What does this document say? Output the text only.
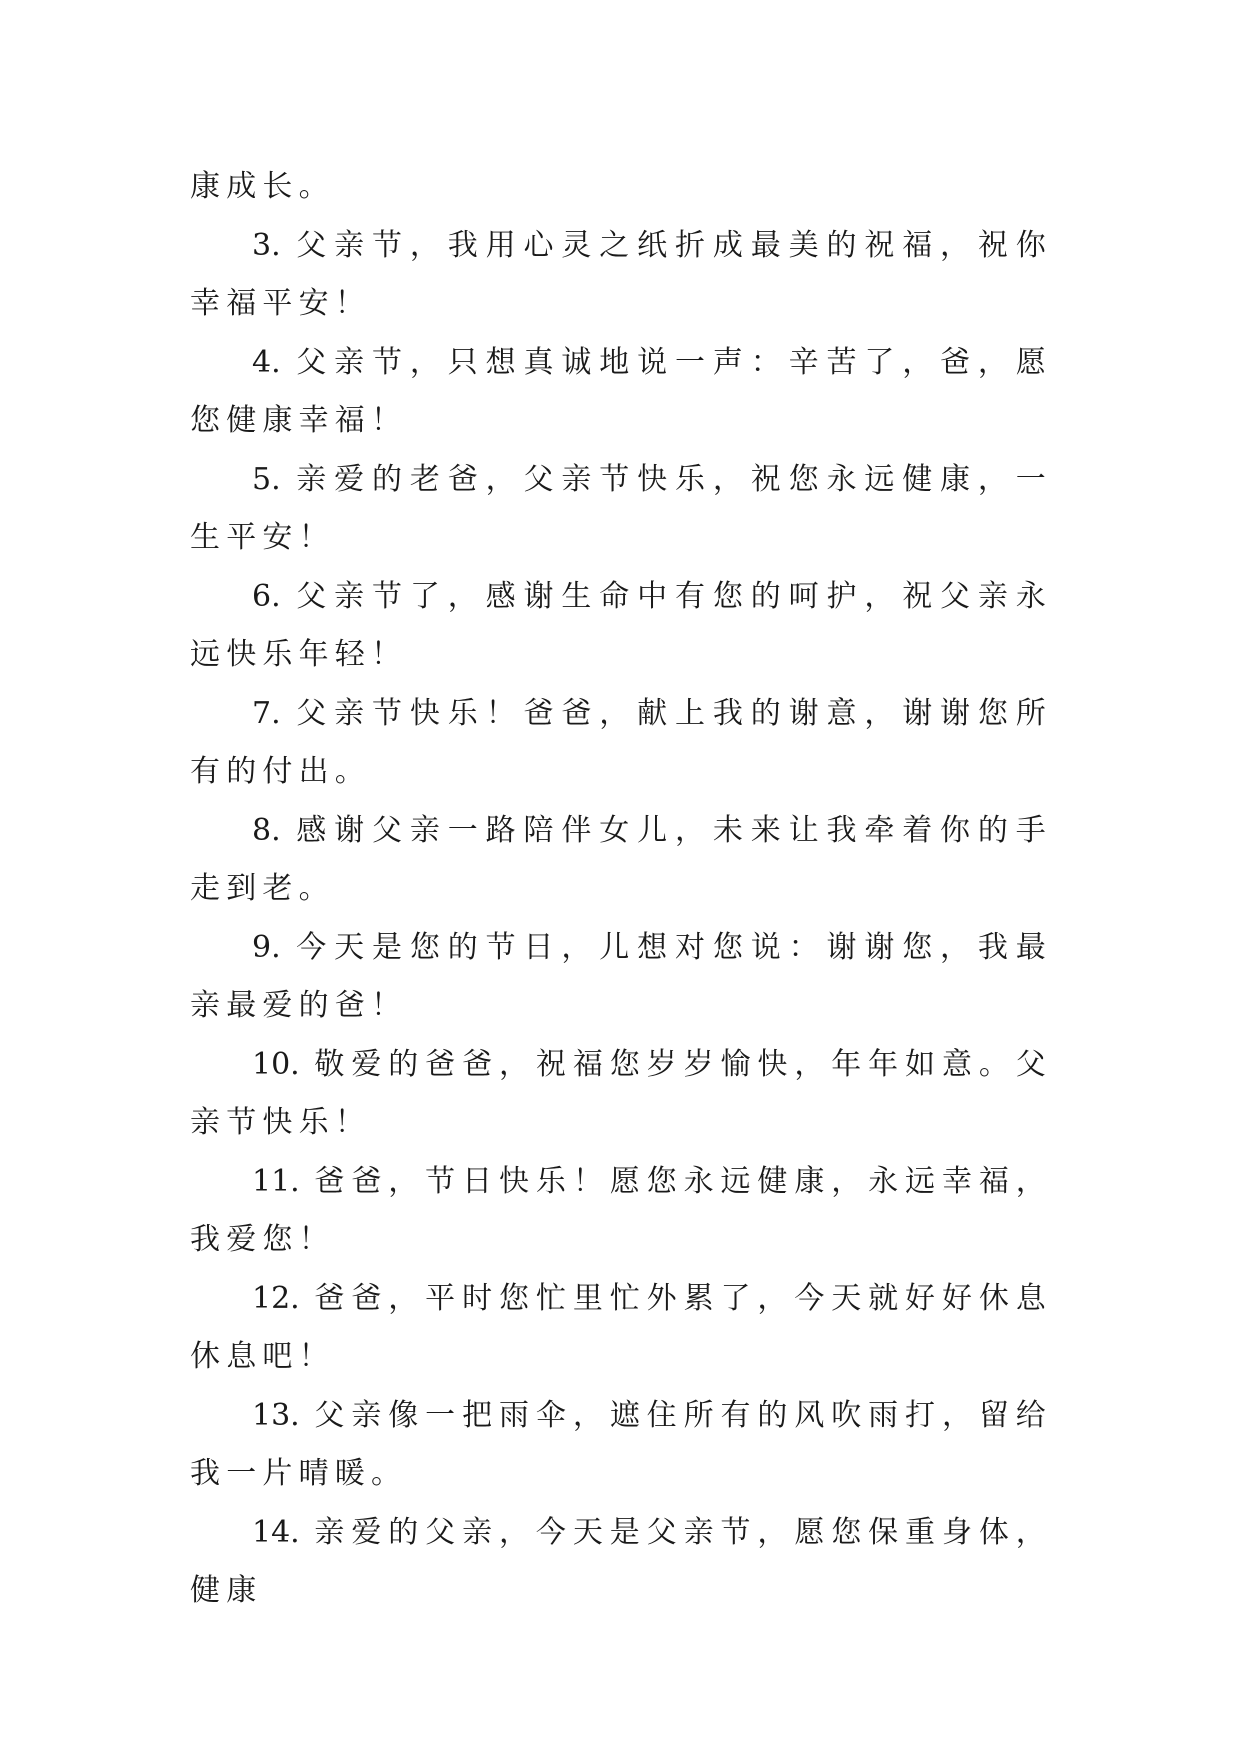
康成长。

3. 父亲节，我用心灵之纸折成最美的祝福，祝你幸福平安！

4. 父亲节，只想真诚地说一声：辛苦了，爸，愿您健康幸福！

5. 亲爱的老爸，父亲节快乐，祝您永远健康，一生平安！

6. 父亲节了，感谢生命中有您的呵护，祝父亲永远快乐年轻！

7. 父亲节快乐！爸爸，献上我的谢意，谢谢您所有的付出。

8. 感谢父亲一路陪伴女儿，未来让我牵着你的手走到老。

9. 今天是您的节日，儿想对您说：谢谢您，我最亲最爱的爸！

10. 敬爱的爸爸，祝福您岁岁愉快，年年如意。父亲节快乐！

11. 爸爸，节日快乐！愿您永远健康，永远幸福，我爱您！

12. 爸爸，平时您忙里忙外累了，今天就好好休息休息吧！

13. 父亲像一把雨伞，遮住所有的风吹雨打，留给我一片晴暖。

14. 亲爱的父亲，今天是父亲节，愿您保重身体，健康
